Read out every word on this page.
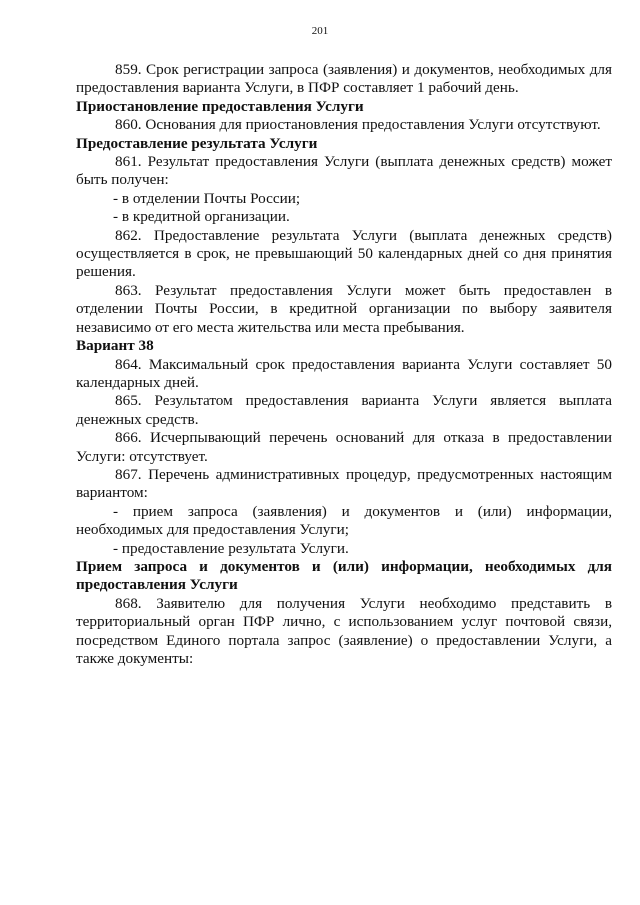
201

859. Срок регистрации запроса (заявления) и документов, необходимых для предоставления варианта Услуги, в ПФР составляет 1 рабочий день.

Приостановление предоставления Услуги

860. Основания для приостановления предоставления Услуги отсутствуют.

Предоставление результата Услуги

861. Результат предоставления Услуги (выплата денежных средств) может быть получен:

- в отделении Почты России;

- в кредитной организации.

862. Предоставление результата Услуги (выплата денежных средств) осуществляется в срок, не превышающий 50 календарных дней со дня принятия решения.

863. Результат предоставления Услуги может быть предоставлен в отделении Почты России, в кредитной организации по выбору заявителя независимо от его места жительства или места пребывания.

Вариант 38

864. Максимальный срок предоставления варианта Услуги составляет 50 календарных дней.

865. Результатом предоставления варианта Услуги является выплата денежных средств.

866. Исчерпывающий перечень оснований для отказа в предоставлении Услуги: отсутствует.

867. Перечень административных процедур, предусмотренных настоящим вариантом:

- прием запроса (заявления) и документов и (или) информации, необходимых для предоставления Услуги;

- предоставление результата Услуги.

Прием запроса и документов и (или) информации, необходимых для предоставления Услуги

868. Заявителю для получения Услуги необходимо представить в территориальный орган ПФР лично, с использованием услуг почтовой связи, посредством Единого портала запрос (заявление) о предоставлении Услуги, а также документы:
